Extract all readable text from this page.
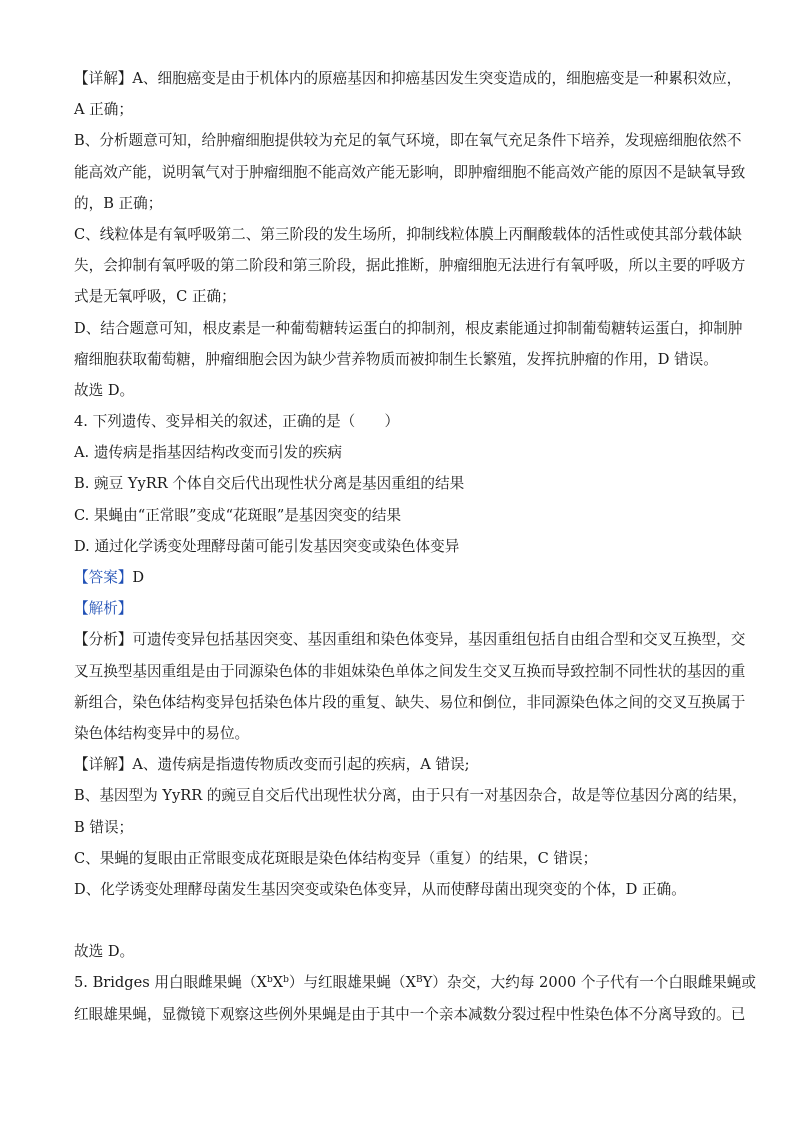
【详解】A、细胞癌变是由于机体内的原癌基因和抑癌基因发生突变造成的，细胞癌变是一种累积效应，

A 正确；

B、分析题意可知，给肿瘤细胞提供较为充足的氧气环境，即在氧气充足条件下培养，发现癌细胞依然不

能高效产能，说明氧气对于肿瘤细胞不能高效产能无影响，即肿瘤细胞不能高效产能的原因不是缺氧导致

的，B 正确；

C、线粒体是有氧呼吸第二、第三阶段的发生场所，抑制线粒体膜上丙酮酸载体的活性或使其部分载体缺

失，会抑制有氧呼吸的第二阶段和第三阶段，据此推断，肿瘤细胞无法进行有氧呼吸，所以主要的呼吸方

式是无氧呼吸，C 正确；

D、结合题意可知，根皮素是一种葡萄糖转运蛋白的抑制剂，根皮素能通过抑制葡萄糖转运蛋白，抑制肿

瘤细胞获取葡萄糖，肿瘤细胞会因为缺少营养物质而被抑制生长繁殖，发挥抗肿瘤的作用，D 错误。

故选 D。

4. 下列遗传、变异相关的叙述，正确的是（　　）

A. 遗传病是指基因结构改变而引发的疾病

B. 豌豆 YyRR 个体自交后代出现性状分离是基因重组的结果

C. 果蝇由“正常眼”变成“花斑眼”是基因突变的结果

D. 通过化学诱变处理酵母菌可能引发基因突变或染色体变异

【答案】D

【解析】

【分析】可遗传变异包括基因突变、基因重组和染色体变异，基因重组包括自由组合型和交叉互换型，交

叉互换型基因重组是由于同源染色体的非姐妹染色单体之间发生交叉互换而导致控制不同性状的基因的重

新组合，染色体结构变异包括染色体片段的重复、缺失、易位和倒位，非同源染色体之间的交叉互换属于

染色体结构变异中的易位。

【详解】A、遗传病是指遗传物质改变而引起的疾病，A 错误;

B、基因型为 YyRR 的豌豆自交后代出现性状分离，由于只有一对基因杂合，故是等位基因分离的结果，

B 错误；

C、果蝇的复眼由正常眼变成花斑眼是染色体结构变异（重复）的结果，C 错误；

D、化学诱变处理酵母菌发生基因突变或染色体变异，从而使酵母菌出现突变的个体，D 正确。

故选 D。

5. Bridges 用白眼雌果蝇$(X^bX^b)$与红眼雄果蝇$(X^BY)$杂交，大约每 2000 个子代有一个白眼雌果蝇或

红眼雄果蝇，显微镜下观察这些例外果蝇是由于其中一个亲本减数分裂过程中性染色体不分离导致的。已
